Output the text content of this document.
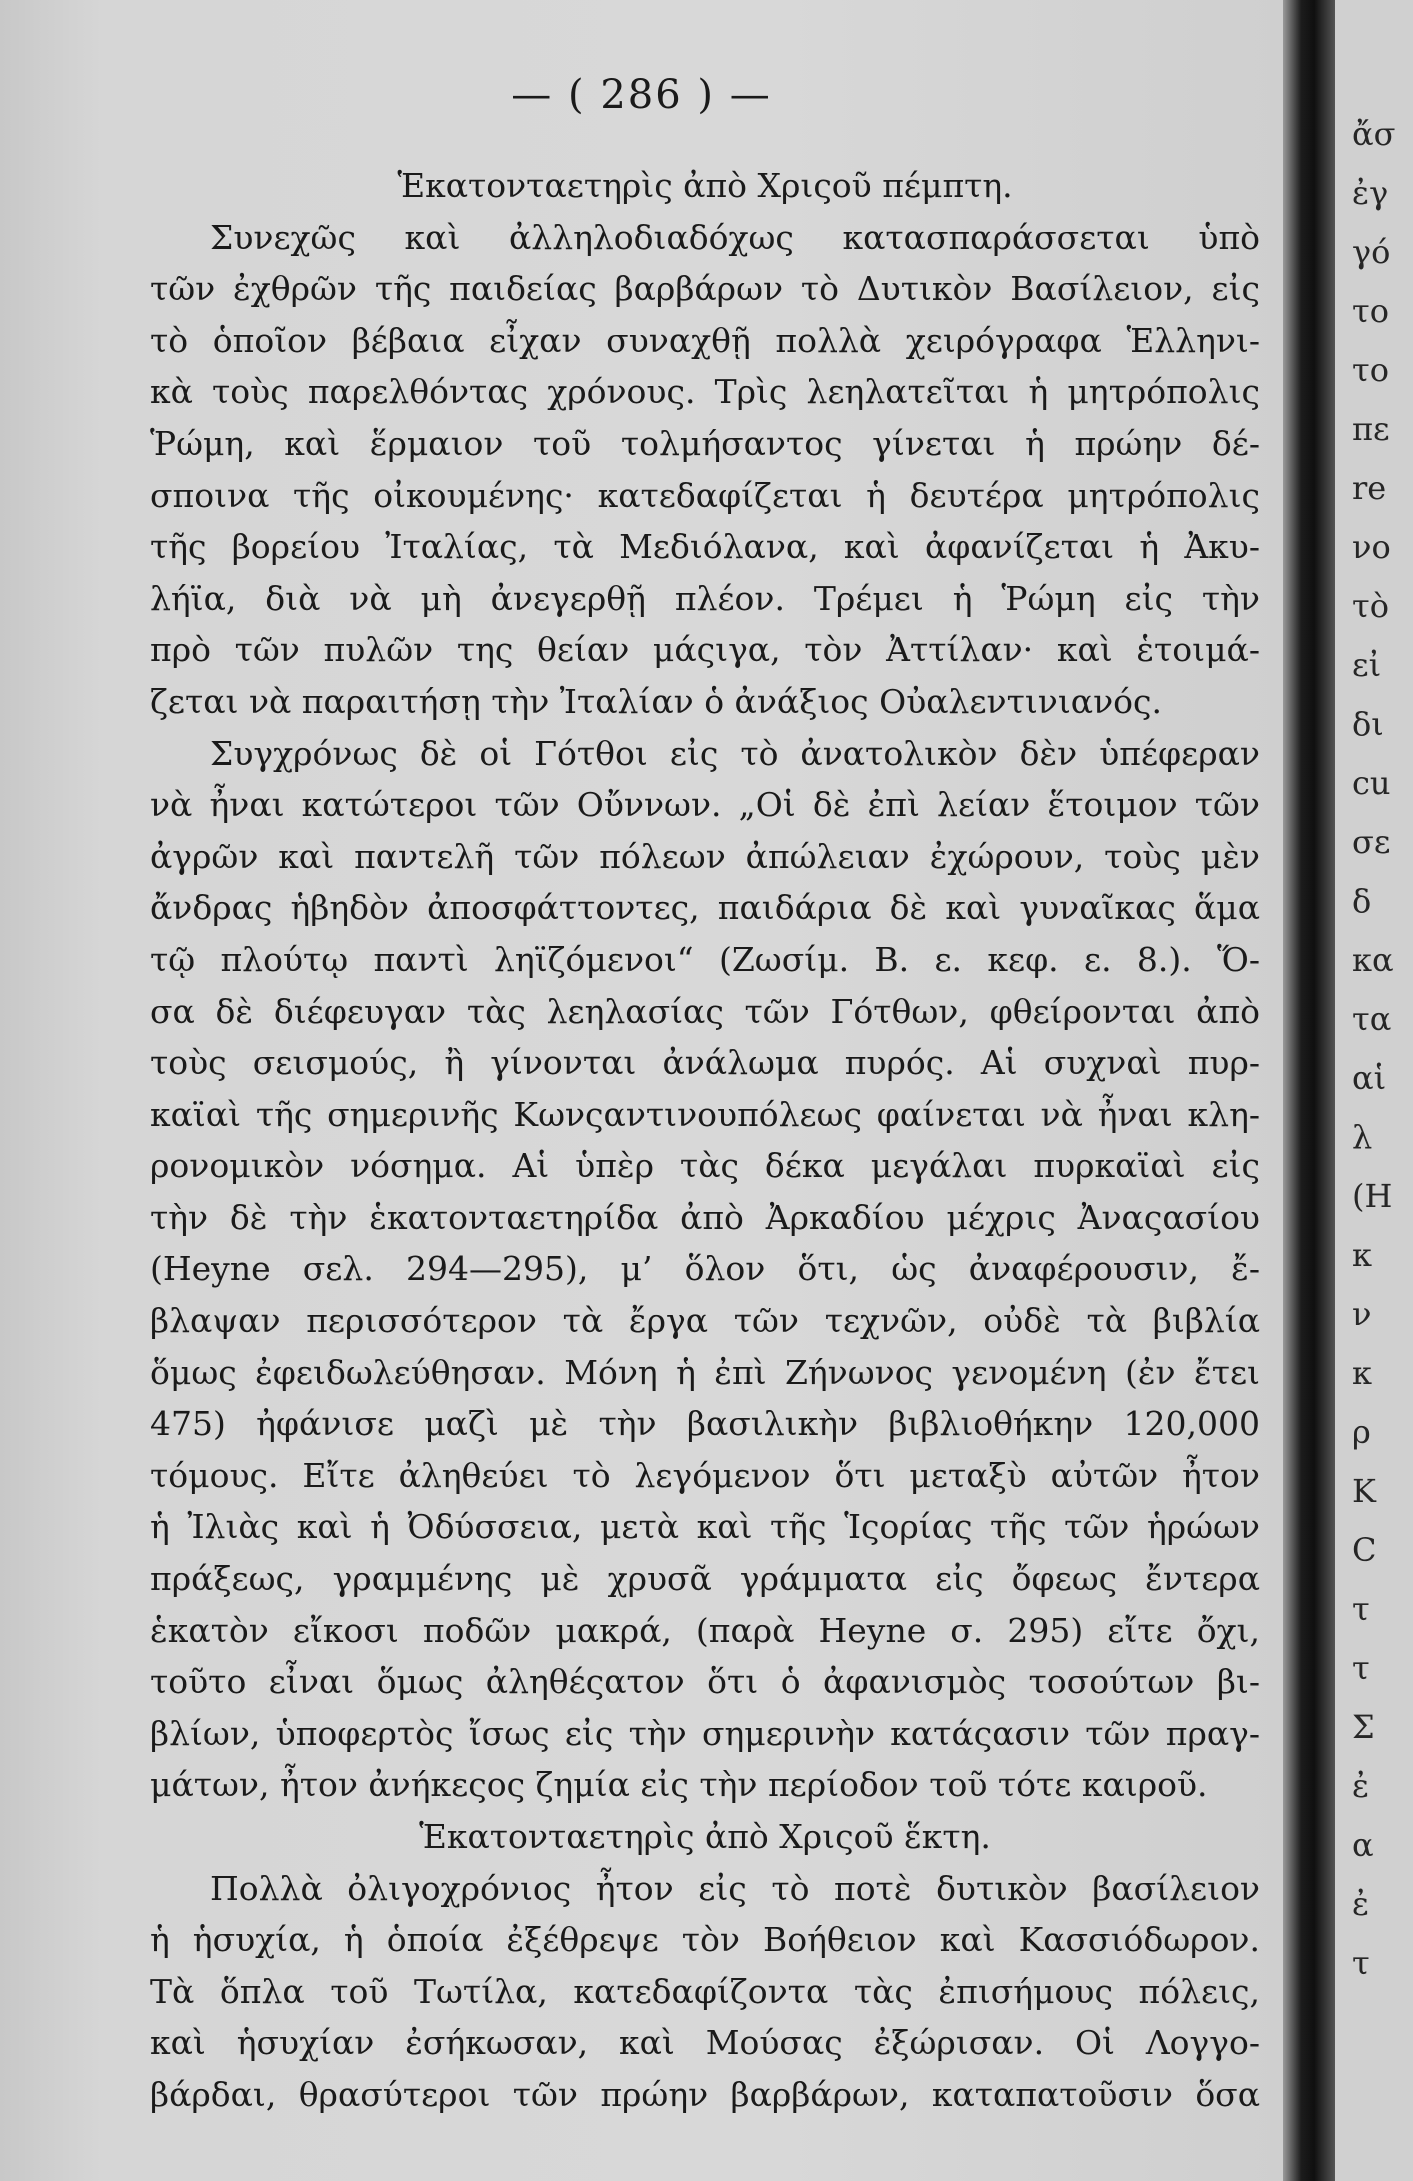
— ( 286 ) —
Ἑκατονταετηρὶς ἀπὸ Χριςοῦ πέμπτη.
Συνεχῶς καὶ ἀλληλοδιαδόχως κατασπαράσσεται ὑπὸ
τῶν ἐχθρῶν τῆς παιδείας βαρβάρων τὸ Δυτικὸν Βασίλειον, εἰς
τὸ ὁποῖον βέβαια εἶχαν συναχθῇ πολλὰ χειρόγραφα Ἑλληνι-
κὰ τοὺς παρελθόντας χρόνους. Τρὶς λεηλατεῖται ἡ μητρόπολις
Ῥώμη, καὶ ἕρμαιον τοῦ τολμήσαντος γίνεται ἡ πρώην δέ-
σποινα τῆς οἰκουμένης· κατεδαφίζεται ἡ δευτέρα μητρόπολις
τῆς βορείου Ἰταλίας, τὰ Μεδιόλανα, καὶ ἀφανίζεται ἡ Ἀκυ-
λήϊα, διὰ νὰ μὴ ἀνεγερθῇ πλέον. Τρέμει ἡ Ῥώμη εἰς τὴν
πρὸ τῶν πυλῶν της θείαν μάςιγα, τὸν Ἀττίλαν· καὶ ἑτοιμά-
ζεται νὰ παραιτήσῃ τὴν Ἰταλίαν ὁ ἀνάξιος Οὐαλεντινιανός.
Συγχρόνως δὲ οἱ Γότθοι εἰς τὸ ἀνατολικὸν δὲν ὑπέφεραν
νὰ ἦναι κατώτεροι τῶν Οὔννων. „Οἱ δὲ ἐπὶ λείαν ἕτοιμον τῶν
ἀγρῶν καὶ παντελῆ τῶν πόλεων ἀπώλειαν ἐχώρουν, τοὺς μὲν
ἄνδρας ἡβηδὸν ἀποσφάττοντες, παιδάρια δὲ καὶ γυναῖκας ἅμα
τῷ πλούτῳ παντὶ ληϊζόμενοι“ (Ζωσίμ. Β. ε. κεφ. ε. 8.). Ὅ-
σα δὲ διέφευγαν τὰς λεηλασίας τῶν Γότθων, φθείρονται ἀπὸ
τοὺς σεισμούς, ἢ γίνονται ἀνάλωμα πυρός. Αἱ συχναὶ πυρ-
καϊαὶ τῆς σημερινῆς Κωνςαντινουπόλεως φαίνεται νὰ ἦναι κλη-
ρονομικὸν νόσημα. Αἱ ὑπὲρ τὰς δέκα μεγάλαι πυρκαϊαὶ εἰς
τὴν δὲ τὴν ἑκατονταετηρίδα ἀπὸ Ἀρκαδίου μέχρις Ἀναςασίου
(Heyne σελ. 294—295), μ’ ὅλον ὅτι, ὡς ἀναφέρουσιν, ἔ-
βλαψαν περισσότερον τὰ ἔργα τῶν τεχνῶν, οὐδὲ τὰ βιβλία
ὅμως ἐφειδωλεύθησαν. Μόνη ἡ ἐπὶ Ζήνωνος γενομένη (ἐν ἔτει
475) ἠφάνισε μαζὶ μὲ τὴν βασιλικὴν βιβλιοθήκην 120,000
τόμους. Εἴτε ἀληθεύει τὸ λεγόμενον ὅτι μεταξὺ αὐτῶν ἦτον
ἡ Ἰλιὰς καὶ ἡ Ὀδύσσεια, μετὰ καὶ τῆς Ἱςορίας τῆς τῶν ἡρώων
πράξεως, γραμμένης μὲ χρυσᾶ γράμματα εἰς ὄφεως ἔντερα
ἑκατὸν εἴκοσι ποδῶν μακρά, (παρὰ Heyne σ. 295) εἴτε ὄχι,
τοῦτο εἶναι ὅμως ἀληθέςατον ὅτι ὁ ἀφανισμὸς τοσούτων βι-
βλίων, ὑποφερτὸς ἴσως εἰς τὴν σημερινὴν κατάςασιν τῶν πραγ-
μάτων, ἦτον ἀνήκεςος ζημία εἰς τὴν περίοδον τοῦ τότε καιροῦ.
Ἑκατονταετηρὶς ἀπὸ Χριςοῦ ἕκτη.
Πολλὰ ὀλιγοχρόνιος ἦτον εἰς τὸ ποτὲ δυτικὸν βασίλειον
ἡ ἡσυχία, ἡ ὁποία ἐξέθρεψε τὸν Βοήθειον καὶ Κασσιόδωρον.
Τὰ ὅπλα τοῦ Τωτίλα, κατεδαφίζοντα τὰς ἐπισήμους πόλεις,
καὶ ἡσυχίαν ἐσήκωσαν, καὶ Μούσας ἐξώρισαν. Οἱ Λογγο-
βάρδαι, θρασύτεροι τῶν πρώην βαρβάρων, καταπατοῦσιν ὅσα
ἄσ
ἐγ
γό
το
το
πε
re
νο
τὸ
εἰ
δι
cu
σε
δ
κα
τα
αἱ
λ
(H
κ
ν
κ
ρ
Κ
C
τ
τ
Σ
ἐ
α
ἐ
τ
